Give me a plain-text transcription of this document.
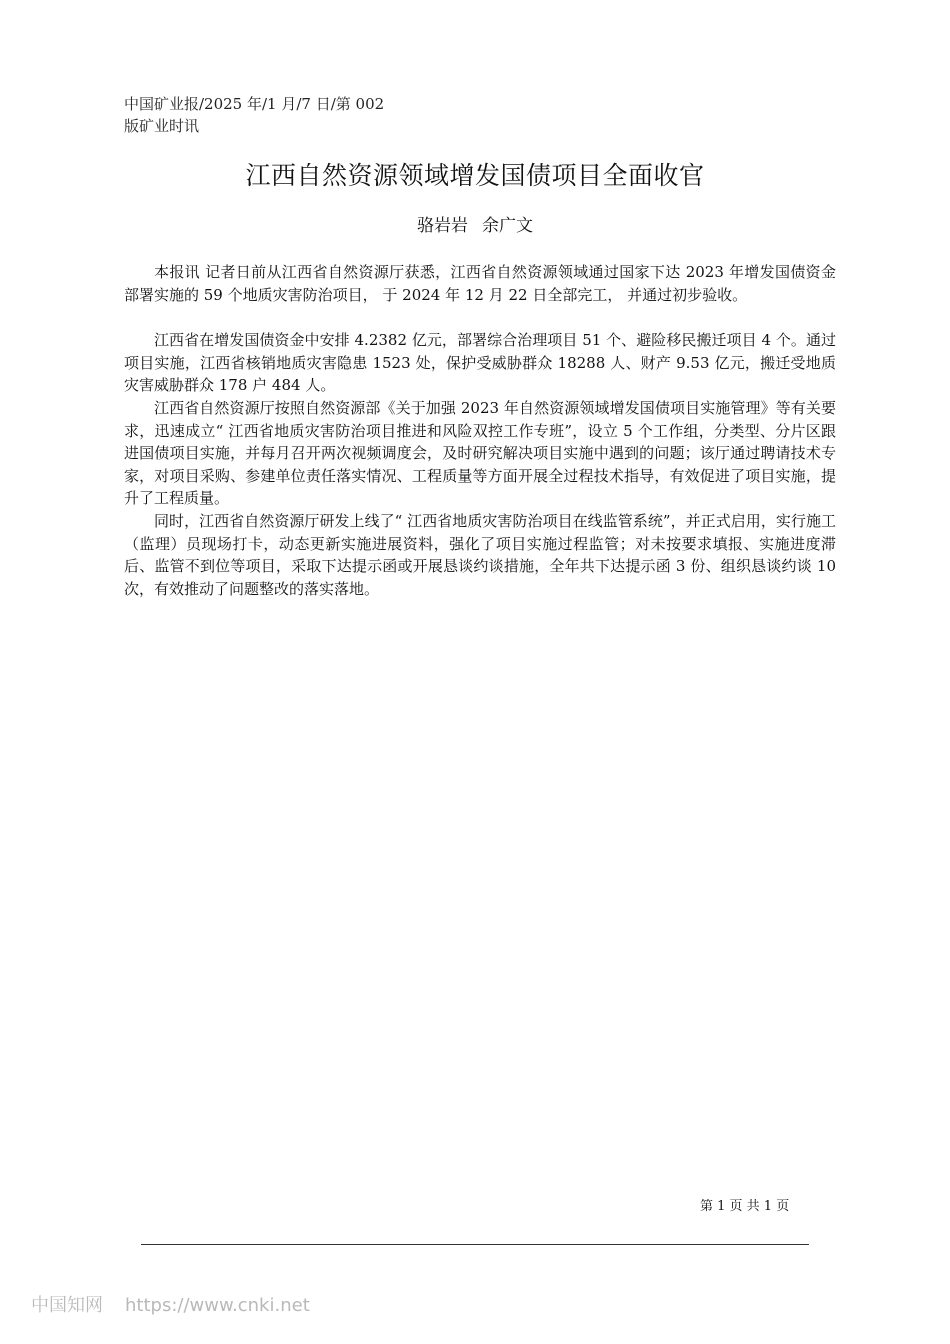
中国矿业报/2025 年/1 月/7 日/第 002
版矿业时讯
江西自然资源领域增发国债项目全面收官
骆岩岩 余广文

本报讯 记者日前从江西省自然资源厅获悉，江西省自然资源领域通过国家下达 2023 年增发国债资金部署实施的 59 个地质灾害防治项目， 于 2024 年 12 月 22 日全部完工， 并通过初步验收。

江西省在增发国债资金中安排 4.2382 亿元，部署综合治理项目 51 个、避险移民搬迁项目 4 个。通过项目实施，江西省核销地质灾害隐患 1523 处，保护受威胁群众 18288 人、财产 9.53 亿元，搬迁受地质灾害威胁群众 178 户 484 人。

江西省自然资源厅按照自然资源部《关于加强 2023 年自然资源领域增发国债项目实施管理》等有关要求，迅速成立“ 江西省地质灾害防治项目推进和风险双控工作专班”，设立 5 个工作组，分类型、分片区跟进国债项目实施，并每月召开两次视频调度会，及时研究解决项目实施中遇到的问题；该厅通过聘请技术专家，对项目采购、参建单位责任落实情况、工程质量等方面开展全过程技术指导，有效促进了项目实施，提升了工程质量。

同时，江西省自然资源厅研发上线了“ 江西省地质灾害防治项目在线监管系统”，并正式启用，实行施工（监理）员现场打卡，动态更新实施进展资料，强化了项目实施过程监管；对未按要求填报、实施进度滞后、监管不到位等项目，采取下达提示函或开展恳谈约谈措施，全年共下达提示函 3 份、组织恳谈约谈 10 次，有效推动了问题整改的落实落地。

第 1 页 共 1 页
中国知网 https://www.cnki.net
